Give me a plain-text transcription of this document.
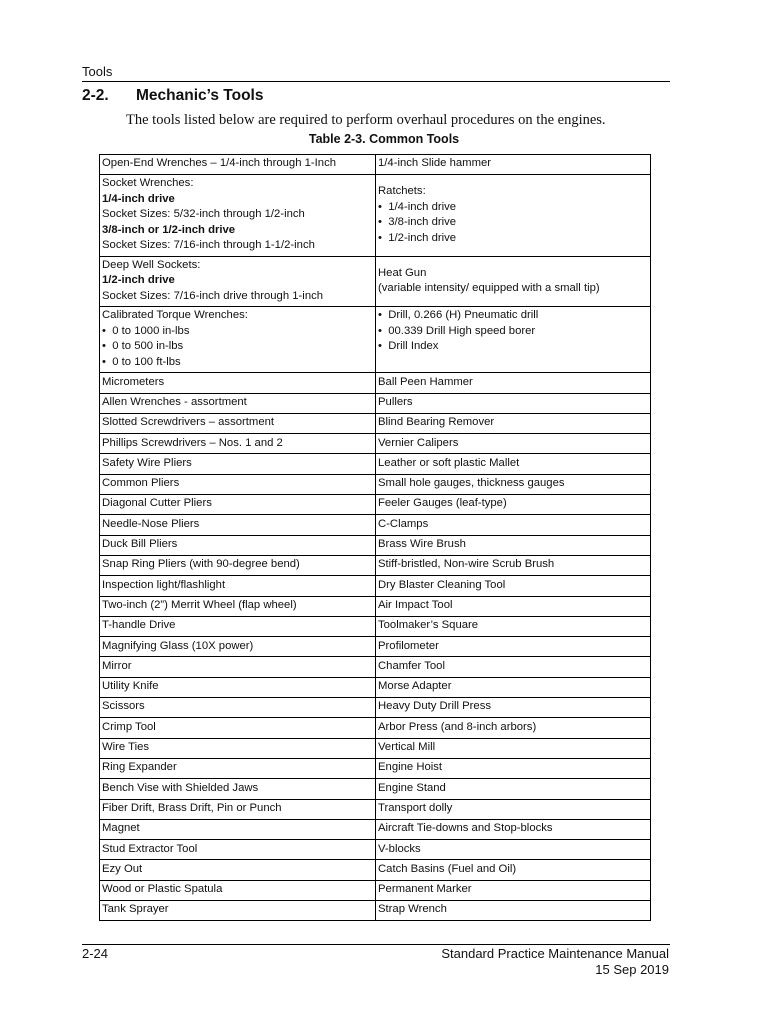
Tools
2-2. Mechanic’s Tools
The tools listed below are required to perform overhaul procedures on the engines.
Table 2-3. Common Tools
Open-End Wrenches – 1/4-inch through 1-Inch	1/4-inch Slide hammer

Socket Wrenches:
1/4-inch drive
Socket Sizes: 5/32-inch through 1/2-inch
3/8-inch or 1/2-inch drive
Socket Sizes: 7/16-inch through 1-1/2-inch	Ratchets:
•  1/4-inch drive
•  3/8-inch drive
•  1/2-inch drive

Deep Well Sockets:
1/2-inch drive
Socket Sizes: 7/16-inch drive through 1-inch	Heat Gun
(variable intensity/ equipped with a small tip)

Calibrated Torque Wrenches:
•  0 to 1000 in-lbs
•  0 to 500 in-lbs
•  0 to 100 ft-lbs	•  Drill, 0.266 (H) Pneumatic drill
•  00.339 Drill High speed borer
•  Drill Index

Micrometers	Ball Peen Hammer

Allen Wrenches - assortment	Pullers

Slotted Screwdrivers – assortment	Blind Bearing Remover

Phillips Screwdrivers – Nos. 1 and 2	Vernier Calipers

Safety Wire Pliers	Leather or soft plastic Mallet

Common Pliers	Small hole gauges, thickness gauges

Diagonal Cutter Pliers	Feeler Gauges (leaf-type)

Needle-Nose Pliers	C-Clamps

Duck Bill Pliers	Brass Wire Brush

Snap Ring Pliers (with 90-degree bend)	Stiff-bristled, Non-wire Scrub Brush

Inspection light/flashlight	Dry Blaster Cleaning Tool

Two-inch (2”) Merrit Wheel (flap wheel)	Air Impact Tool

T-handle Drive	Toolmaker’s Square

Magnifying Glass (10X power)	Profilometer

Mirror	Chamfer Tool

Utility Knife	Morse Adapter

Scissors	Heavy Duty Drill Press

Crimp Tool	Arbor Press (and 8-inch arbors)

Wire Ties	Vertical Mill

Ring Expander	Engine Hoist

Bench Vise with Shielded Jaws	Engine Stand

Fiber Drift, Brass Drift, Pin or Punch	Transport dolly

Magnet	Aircraft Tie-downs and Stop-blocks

Stud Extractor Tool	V-blocks

Ezy Out	Catch Basins (Fuel and Oil)

Wood or Plastic Spatula	Permanent Marker

Tank Sprayer	Strap Wrench
2-24	Standard Practice Maintenance Manual
15 Sep 2019
